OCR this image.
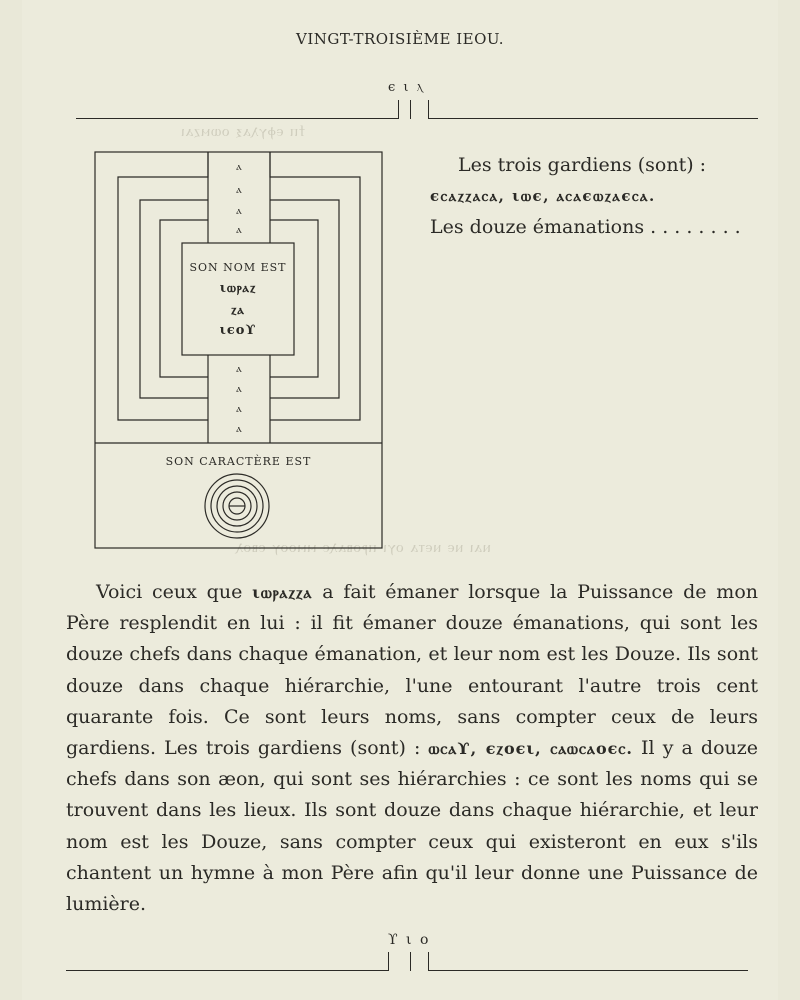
ϯⲡ ⲉⲫⲩⲗⲁⲝ ⲟⲱⲙⲍⲁⲓ
ⲛⲁⲓ ⲛⲉ ⲛⲉⲧⲁ ⲟⲩⲓ ⲡⲣⲟⲃⲁⲗⲉ ⲙⲙⲟⲟⲩ ⲉⲃⲟⲗ
VINGT-TROISIÈME IEOU.
ϵ ι ⲗ
ⲁ
ⲁ
ⲁ
ⲁ
ⲁ
ⲁ
ⲁ
ⲁ
SON NOM EST
ιⲱⲣⲁⲍ
ⲍⲁ
ιϵοϒ
SON CARACTÈRE EST
Les trois gardiens (sont) :
ϵⲥⲁⲍⲍⲁⲥⲁ, ιⲱϵ, ⲁⲥⲁϵⲱⲍⲁϵⲥⲁ.
Les douze émanations . . . . . . . .

Voici ceux que ιⲱⲣⲁⲍⲍⲁ a fait émaner lorsque la Puissance de mon Père resplendit en lui : il fit émaner douze émanations, qui sont les douze chefs dans chaque émanation, et leur nom est les Douze. Ils sont douze dans chaque hiérarchie, l'une entourant l'autre trois cent quarante fois. Ce sont leurs noms, sans compter ceux de leurs gardiens. Les trois gardiens (sont) : ⲱⲥⲁϒ, ϵⲍοϵι, ⲥⲁⲱⲥⲁοϵⲥ. Il y a douze chefs dans son æon, qui sont ses hiérarchies : ce sont les noms qui se trouvent dans les lieux. Ils sont douze dans chaque hiérarchie, et leur nom est les Douze, sans compter ceux qui existeront en eux s'ils chantent un hymne à mon Père afin qu'il leur donne une Puissance de lumière.

ϒ ι ο
